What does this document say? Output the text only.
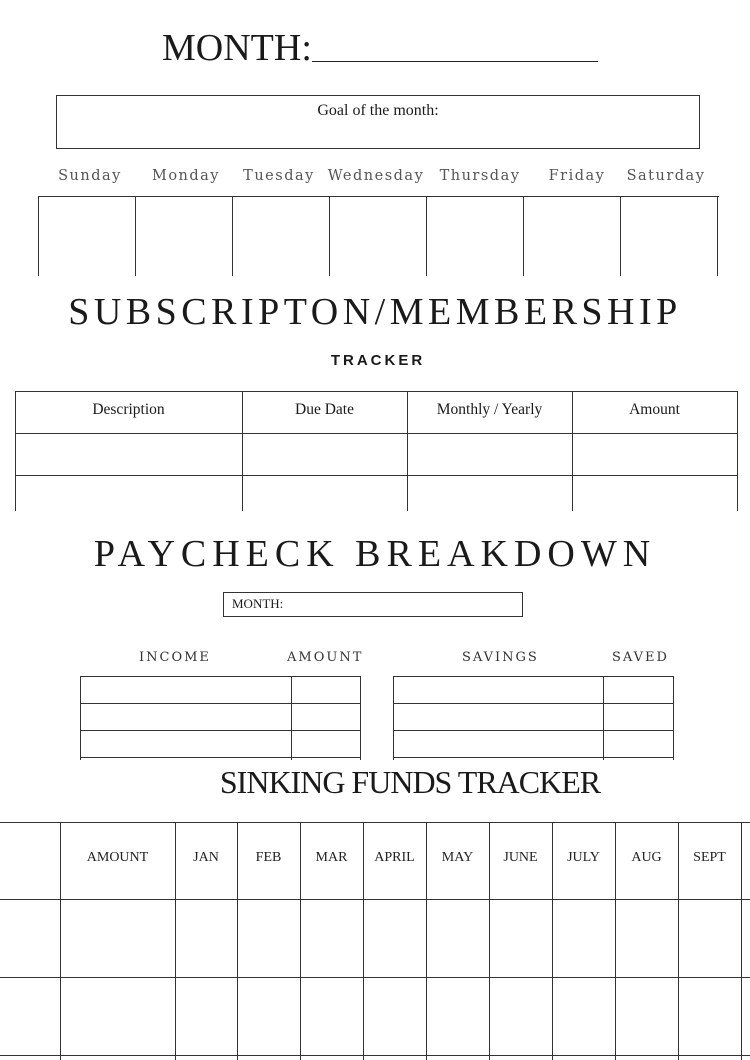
MONTH:
Goal of the month:
Sunday	Monday	Tuesday Wednesday	Thursday	Friday	Saturday
SUBSCRIPTON/MEMBERSHIP
TRACKER
Description	Due Date	Monthly / Yearly	Amount
PAYCHECK BREAKDOWN
MONTH:
INCOME	AMOUNT	SAVINGS	SAVED
SINKING FUNDS TRACKER
AMOUNT	JAN	FEB	MAR	APRIL	MAY	JUNE	JULY	AUG	SEPT
